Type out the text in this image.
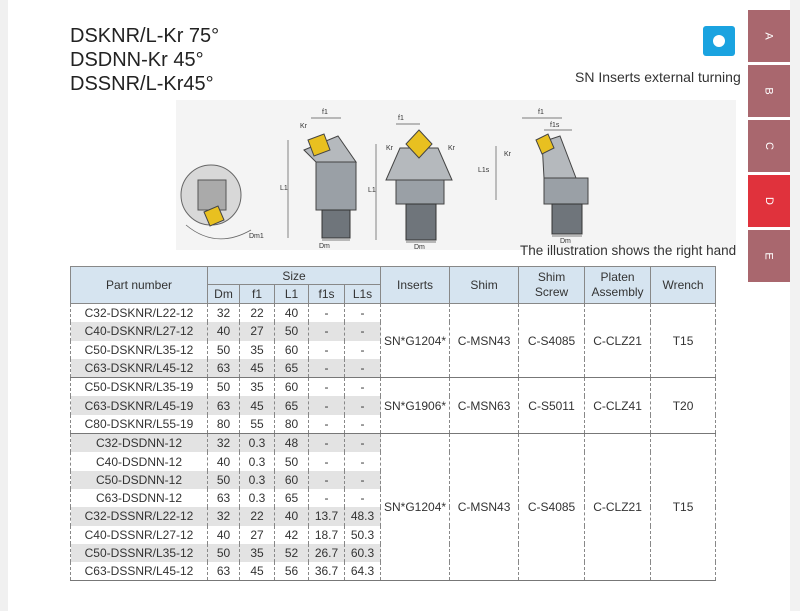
DSKNR/L-Kr 75°
DSDNN-Kr 45°
DSSNR/L-Kr45°	SN Inserts external turning
A
B
C
D
E
Dm1
f1
L1
Kr
Dm
f1
L1
Kr	Kr
Dm
f1
f1s
L1s
Kr
Dm
The illustration shows the right hand
Part number	Size					Inserts	Shim	Shim Screw	Platen Assembly	Wrench
	Dm	f1	L1	f1s	L1s					
C32-DSKNR/L22-12	32	22	40	-	-	SN*G1204*	C-MSN43	C-S4085	C-CLZ21	T15
C40-DSKNR/L27-12	40	27	50	-	-					
C50-DSKNR/L35-12	50	35	60	-	-					
C63-DSKNR/L45-12	63	45	65	-	-					
C50-DSKNR/L35-19	50	35	60	-	-	SN*G1906*	C-MSN63	C-S5011	C-CLZ41	T20
C63-DSKNR/L45-19	63	45	65	-	-					
C80-DSKNR/L55-19	80	55	80	-	-					
C32-DSDNN-12	32	0.3	48	-	-	SN*G1204*	C-MSN43	C-S4085	C-CLZ21	T15
C40-DSDNN-12	40	0.3	50	-	-					
C50-DSDNN-12	50	0.3	60	-	-					
C63-DSDNN-12	63	0.3	65	-	-					
C32-DSSNR/L22-12	32	22	40	13.7	48.3					
C40-DSSNR/L27-12	40	27	42	18.7	50.3					
C50-DSSNR/L35-12	50	35	52	26.7	60.3					
C63-DSSNR/L45-12	63	45	56	36.7	64.3					
